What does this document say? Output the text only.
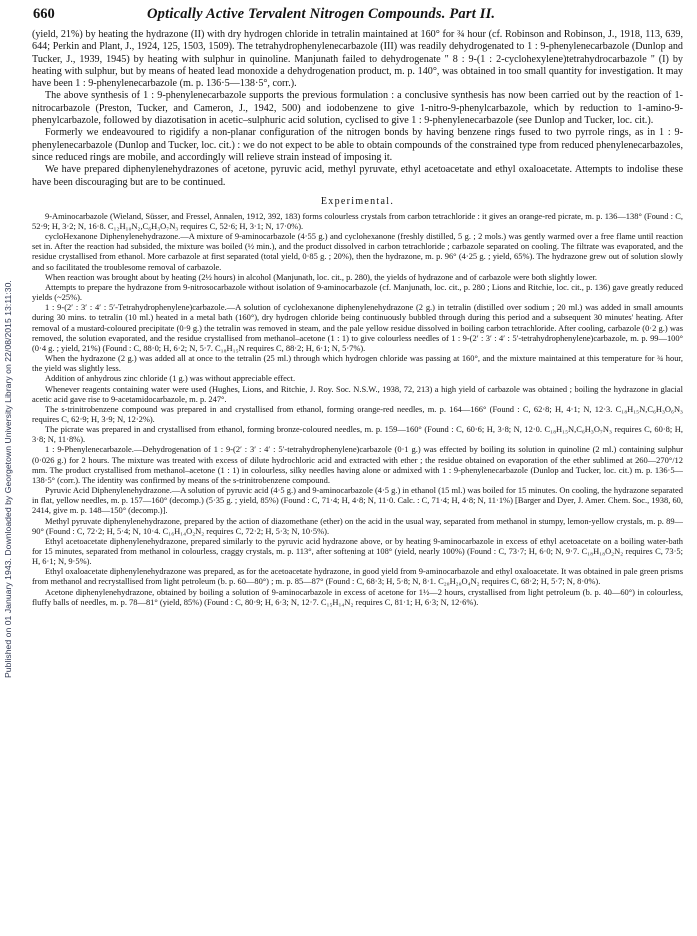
Published on 01 January 1943. Downloaded by Georgetown University Library on 22/08/2015 13:11:30.
660	Optically Active Tervalent Nitrogen Compounds. Part II.

(yield, 21%) by heating the hydrazone (II) with dry hydrogen chloride in tetralin maintained at 160° for ¾ hour (cf. Robinson and Robinson, J., 1918, 113, 639, 644; Perkin and Plant, J., 1924, 125, 1503, 1509). The tetrahydrophenylenecarbazole (III) was readily dehydrogenated to 1 : 9-phenylenecarbazole (Dunlop and Tucker, J., 1939, 1945) by heating with sulphur in quinoline. Manjunath failed to dehydrogenate " 8 : 9-(1 : 2-cyclohexylene)tetrahydrocarbazole " (I) by heating with sulphur, but by means of heated lead monoxide a dehydrogenation product, m. p. 140°, was obtained in too small quantity for investigation. It may have been 1 : 9-phenylenecarbazole (m. p. 136·5—138·5°, corr.).

The above synthesis of 1 : 9-phenylenecarbazole supports the previous formulation : a conclusive synthesis has now been carried out by the reaction of 1-nitrocarbazole (Preston, Tucker, and Cameron, J., 1942, 500) and iodobenzene to give 1-nitro-9-phenylcarbazole, which by reduction to 1-amino-9-phenylcarbazole, followed by diazotisation in acetic–sulphuric acid solution, cyclised to give 1 : 9-phenylenecarbazole (see Dunlop and Tucker, loc. cit.).

Formerly we endeavoured to rigidify a non-planar configuration of the nitrogen bonds by having benzene rings fused to two pyrrole rings, as in 1 : 9-phenylenecarbazole (Dunlop and Tucker, loc. cit.) : we do not expect to be able to obtain compounds of the constrained type from reduced phenylenecarbazoles, since reduced rings are mobile, and accordingly will relieve strain instead of imposing it.

We have prepared diphenylenehydrazones of acetone, pyruvic acid, methyl pyruvate, ethyl acetoacetate and ethyl oxaloacetate. Attempts to indolise these have been discouraging but are to be continued.

Experimental.

9-Aminocarbazole (Wieland, Süsser, and Fressel, Annalen, 1912, 392, 183) forms colourless crystals from carbon tetrachloride : it gives an orange-red picrate, m. p. 136—138° (Found : C, 52·9; H, 3·2; N, 16·8. C₁₂H₁₀N₂,C₆H₃O₇N₃ requires C, 52·6; H, 3·1; N, 17·0%).

cycloHexanone Diphenylenehydrazone.—A mixture of 9-aminocarbazole (4·55 g.) and cyclohexanone (freshly distilled, 5 g. ; 2 mols.) was gently warmed over a free flame until reaction set in. After the reaction had subsided, the mixture was boiled (½ min.), and the product dissolved in carbon tetrachloride ; carbazole separated on cooling. The filtrate was evaporated, and the residue crystallised from ethanol. More carbazole at first separated (total yield, 0·85 g. ; 20%), then the hydrazone, m. p. 96° (4·25 g. ; yield, 65%). The hydrazone grew out of solution slowly and so facilitated the troublesome removal of carbazole.

When reaction was brought about by heating (2½ hours) in alcohol (Manjunath, loc. cit., p. 280), the yields of hydrazone and of carbazole were both slightly lower.

Attempts to prepare the hydrazone from 9-nitrosocarbazole without isolation of 9-aminocarbazole (cf. Manjunath, loc. cit., p. 280 ; Lions and Ritchie, loc. cit., p. 136) gave greatly reduced yields (~25%).

1 : 9-(2′ : 3′ : 4′ : 5′-Tetrahydrophenylene)carbazole.—A solution of cyclohexanone diphenylenehydrazone (2 g.) in tetralin (distilled over sodium ; 20 ml.) was added in small amounts during 30 mins. to tetralin (10 ml.) heated in a metal bath (160°), dry hydrogen chloride being continuously bubbled through during this period and a subsequent 30 minutes' heating. After removal of a mustard-coloured precipitate (0·9 g.) the tetralin was removed in steam, and the pale yellow residue dissolved in boiling carbon tetrachloride. After cooling, carbazole (0·2 g.) was removed, the solution evaporated, and the residue crystallised from methanol–acetone (1 : 1) to give colourless needles of 1 : 9-(2′ : 3′ : 4′ : 5′-tetrahydrophenylene)carbazole, m. p. 99—100° (0·4 g. ; yield, 21%) (Found : C, 88·0; H, 6·2; N, 5·7. C₁₈H₁₅N requires C, 88·2; H, 6·1; N, 5·7%).

When the hydrazone (2 g.) was added all at once to the tetralin (25 ml.) through which hydrogen chloride was passing at 160°, and the mixture maintained at this temperature for ¾ hour, the yield was slightly less.

Addition of anhydrous zinc chloride (1 g.) was without appreciable effect.

Whenever reagents containing water were used (Hughes, Lions, and Ritchie, J. Roy. Soc. N.S.W., 1938, 72, 213) a high yield of carbazole was obtained ; boiling the hydrazone in glacial acetic acid gave rise to 9-acetamidocarbazole, m. p. 247°.

The s-trinitrobenzene compound was prepared in and crystallised from ethanol, forming orange-red needles, m. p. 164—166° (Found : C, 62·8; H, 4·1; N, 12·3. C₁₈H₁₅N,C₆H₃O₆N₃ requires C, 62·9; H, 3·9; N, 12·2%).

The picrate was prepared in and crystallised from ethanol, forming bronze-coloured needles, m. p. 159—160° (Found : C, 60·6; H, 3·8; N, 12·0. C₁₈H₁₅N,C₆H₃O₇N₃ requires C, 60·8; H, 3·8; N, 11·8%).

1 : 9-Phenylenecarbazole.—Dehydrogenation of 1 : 9-(2′ : 3′ : 4′ : 5′-tetrahydrophenylene)carbazole (0·1 g.) was effected by boiling its solution in quinoline (2 ml.) containing sulphur (0·026 g.) for 2 hours. The mixture was treated with excess of dilute hydrochloric acid and extracted with ether ; the residue obtained on evaporation of the ether sublimed at 260—270°/12 mm. The product crystallised from methanol–acetone (1 : 1) in colourless, silky needles having alone or admixed with 1 : 9-phenylenecarbazole (Dunlop and Tucker, loc. cit.) m. p. 136·5—138·5° (corr.). The identity was confirmed by means of the s-trinitrobenzene compound.

Pyruvic Acid Diphenylenehydrazone.—A solution of pyruvic acid (4·5 g.) and 9-aminocarbazole (4·5 g.) in ethanol (15 ml.) was boiled for 15 minutes. On cooling, the hydrazone separated in flat, yellow needles, m. p. 157—160° (decomp.) (5·35 g. ; yield, 85%) (Found : C, 71·4; H, 4·8; N, 11·0. Calc. : C, 71·4; H, 4·8; N, 11·1%) [Barger and Dyer, J. Amer. Chem. Soc., 1938, 60, 2414, give m. p. 148—150° (decomp.)].

Methyl pyruvate diphenylenehydrazone, prepared by the action of diazomethane (ether) on the acid in the usual way, separated from methanol in stumpy, lemon-yellow crystals, m. p. 89—90° (Found : C, 72·2; H, 5·4; N, 10·4. C₁₆H₁₄O₂N₂ requires C, 72·2; H, 5·3; N, 10·5%).

Ethyl acetoacetate diphenylenehydrazone, prepared similarly to the pyruvic acid hydrazone above, or by heating 9-aminocarbazole in excess of ethyl acetoacetate on a boiling water-bath for 15 minutes, separated from methanol in colourless, craggy crystals, m. p. 113°, after softening at 108° (yield, nearly 100%) (Found : C, 73·7; H, 6·0; N, 9·7. C₁₈H₁₈O₂N₂ requires C, 73·5; H, 6·1; N, 9·5%).

Ethyl oxaloacetate diphenylenehydrazone was prepared, as for the acetoacetate hydrazone, in good yield from 9-aminocarbazole and ethyl oxaloacetate. It was obtained in pale green prisms from methanol and recrystallised from light petroleum (b. p. 60—80°) ; m. p. 85—87° (Found : C, 68·3; H, 5·8; N, 8·1. C₂₀H₂₀O₄N₂ requires C, 68·2; H, 5·7; N, 8·0%).

Acetone diphenylenehydrazone, obtained by boiling a solution of 9-aminocarbazole in excess of acetone for 1½—2 hours, crystallised from light petroleum (b. p. 40—60°) in colourless, fluffy balls of needles, m. p. 78—81° (yield, 85%) (Found : C, 80·9; H, 6·3; N, 12·7. C₁₅H₁₄N₂ requires C, 81·1; H, 6·3; N, 12·6%).
